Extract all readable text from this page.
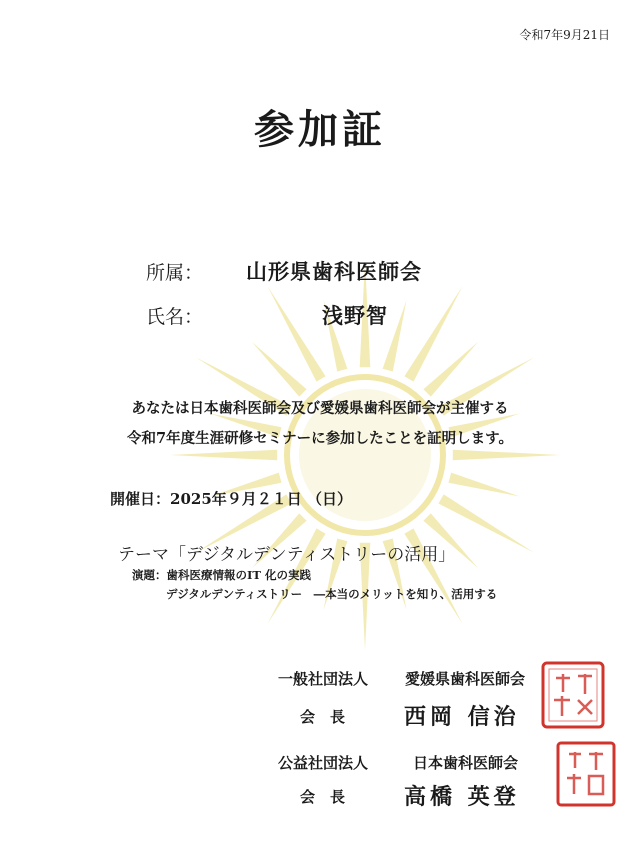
令和7年9月21日
参加証
所属： 山形県歯科医師会
氏名：	浅野智
あなたは日本歯科医師会及び愛媛県歯科医師会が主催する
令和7年度生涯研修セミナーに参加したことを証明します。
開催日：2025年９月２１日 （日）
テーマ「デジタルデンティストリーの活用」
演題：歯科医療情報のIT 化の実践
デジタルデンティストリー　―本当のメリットを知り、活用する
一般社団法人 愛媛県歯科医師会
会　長	西岡 信治
公益社団法人	日本歯科医師会
会　長	高橋 英登
